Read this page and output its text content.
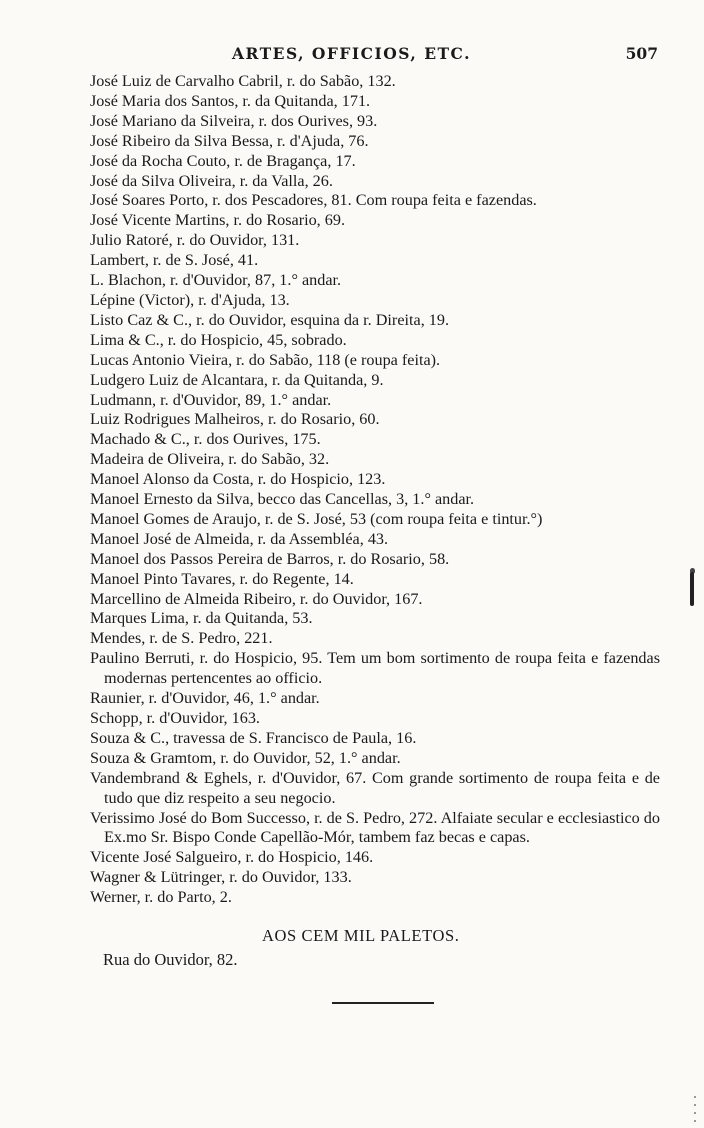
ARTES, OFFICIOS, ETC.	507

José Luiz de Carvalho Cabril, r. do Sabão, 132.

José Maria dos Santos, r. da Quitanda, 171.

José Mariano da Silveira, r. dos Ourives, 93.

José Ribeiro da Silva Bessa, r. d'Ajuda, 76.

José da Rocha Couto, r. de Bragança, 17.

José da Silva Oliveira, r. da Valla, 26.

José Soares Porto, r. dos Pescadores, 81. Com roupa feita e fazendas.

José Vicente Martins, r. do Rosario, 69.

Julio Ratoré, r. do Ouvidor, 131.

Lambert, r. de S. José, 41.

L. Blachon, r. d'Ouvidor, 87, 1.° andar.

Lépine (Victor), r. d'Ajuda, 13.

Listo Caz & C., r. do Ouvidor, esquina da r. Direita, 19.

Lima & C., r. do Hospicio, 45, sobrado.

Lucas Antonio Vieira, r. do Sabão, 118 (e roupa feita).

Ludgero Luiz de Alcantara, r. da Quitanda, 9.

Ludmann, r. d'Ouvidor, 89, 1.° andar.

Luiz Rodrigues Malheiros, r. do Rosario, 60.

Machado & C., r. dos Ourives, 175.

Madeira de Oliveira, r. do Sabão, 32.

Manoel Alonso da Costa, r. do Hospicio, 123.

Manoel Ernesto da Silva, becco das Cancellas, 3, 1.° andar.

Manoel Gomes de Araujo, r. de S. José, 53 (com roupa feita e tintur.°)

Manoel José de Almeida, r. da Assembléa, 43.

Manoel dos Passos Pereira de Barros, r. do Rosario, 58.

Manoel Pinto Tavares, r. do Regente, 14.

Marcellino de Almeida Ribeiro, r. do Ouvidor, 167.

Marques Lima, r. da Quitanda, 53.

Mendes, r. de S. Pedro, 221.

Paulino Berruti, r. do Hospicio, 95. Tem um bom sortimento de roupa feita e fazendas modernas pertencentes ao officio.

Raunier, r. d'Ouvidor, 46, 1.° andar.

Schopp, r. d'Ouvidor, 163.

Souza & C., travessa de S. Francisco de Paula, 16.

Souza & Gramtom, r. do Ouvidor, 52, 1.° andar.

Vandembrand & Eghels, r. d'Ouvidor, 67. Com grande sortimento de roupa feita e de tudo que diz respeito a seu negocio.

Verissimo José do Bom Successo, r. de S. Pedro, 272. Alfaiate secular e ecclesiastico do Ex.mo Sr. Bispo Conde Capellão-Mór, tambem faz becas e capas.

Vicente José Salgueiro, r. do Hospicio, 146.

Wagner & Lütringer, r. do Ouvidor, 133.

Werner, r. do Parto, 2.

AOS CEM MIL PALETOS.
Rua do Ouvidor, 82.
